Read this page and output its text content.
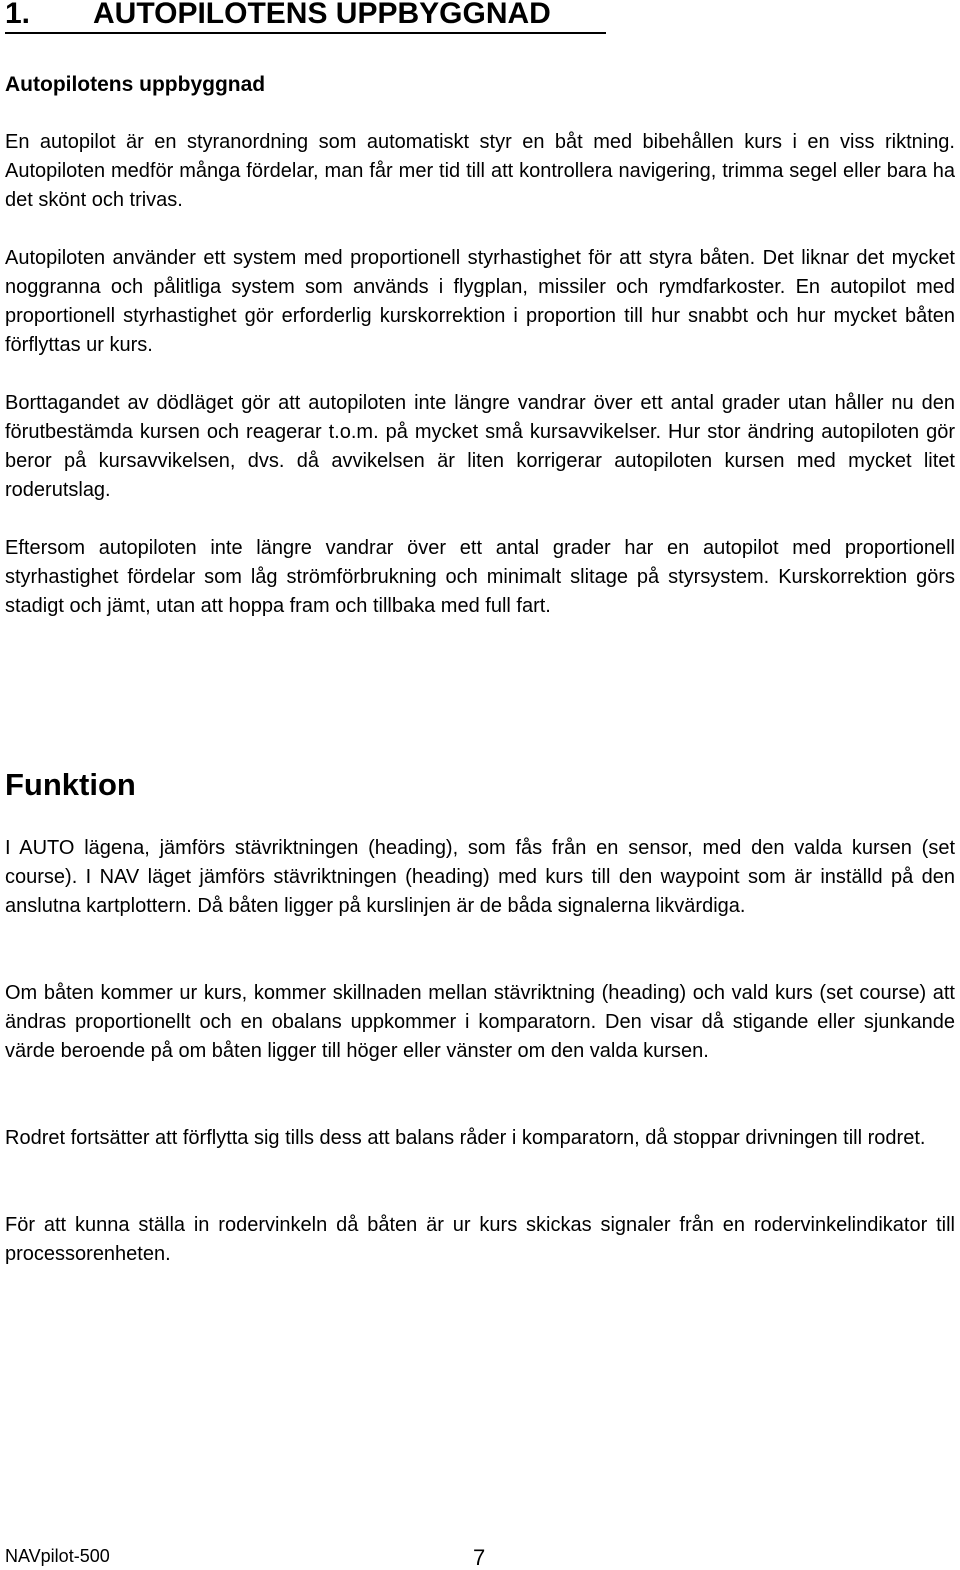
1. AUTOPILOTENS UPPBYGGNAD
Autopilotens uppbyggnad

En autopilot är en styranordning som automatiskt styr en båt med bibehållen kurs i en viss riktning. Autopiloten medför många fördelar, man får mer tid till att kontrollera navigering, trimma segel eller bara ha det skönt och trivas.

Autopiloten använder ett system med proportionell styrhastighet för att styra båten. Det liknar det mycket noggranna och pålitliga system som används i flygplan, missiler och rymdfarkoster. En autopilot med proportionell styrhastighet gör erforderlig kurskorrektion i proportion till hur snabbt och hur mycket båten förflyttas ur kurs.

Borttagandet av dödläget gör att autopiloten inte längre vandrar över ett antal grader utan håller nu den förutbestämda kursen och reagerar t.o.m. på mycket små kursavvikelser. Hur stor ändring autopiloten gör beror på kursavvikelsen, dvs. då avvikelsen är liten korrigerar autopiloten kursen med mycket litet roderutslag.

Eftersom autopiloten inte längre vandrar över ett antal grader har en autopilot med proportionell styrhastighet fördelar som låg strömförbrukning och minimalt slitage på styrsystem. Kurskorrektion görs stadigt och jämt, utan att hoppa fram och tillbaka med full fart.

Funktion

I AUTO lägena, jämförs stävriktningen (heading), som fås från en sensor, med den valda kursen (set course). I NAV läget jämförs stävriktningen (heading) med kurs till den waypoint som är inställd på den anslutna kartplottern. Då båten ligger på kurslinjen är de båda signalerna likvärdiga.

Om båten kommer ur kurs, kommer skillnaden mellan stävriktning (heading) och vald kurs (set course) att ändras proportionellt och en obalans uppkommer i komparatorn. Den visar då stigande eller sjunkande värde beroende på om båten ligger till höger eller vänster om den valda kursen.

Rodret fortsätter att förflytta sig tills dess att balans råder i komparatorn, då stoppar drivningen till rodret.

För att kunna ställa in rodervinkeln då båten är ur kurs skickas signaler från en rodervinkelindikator till processorenheten.

NAVpilot-500	7
